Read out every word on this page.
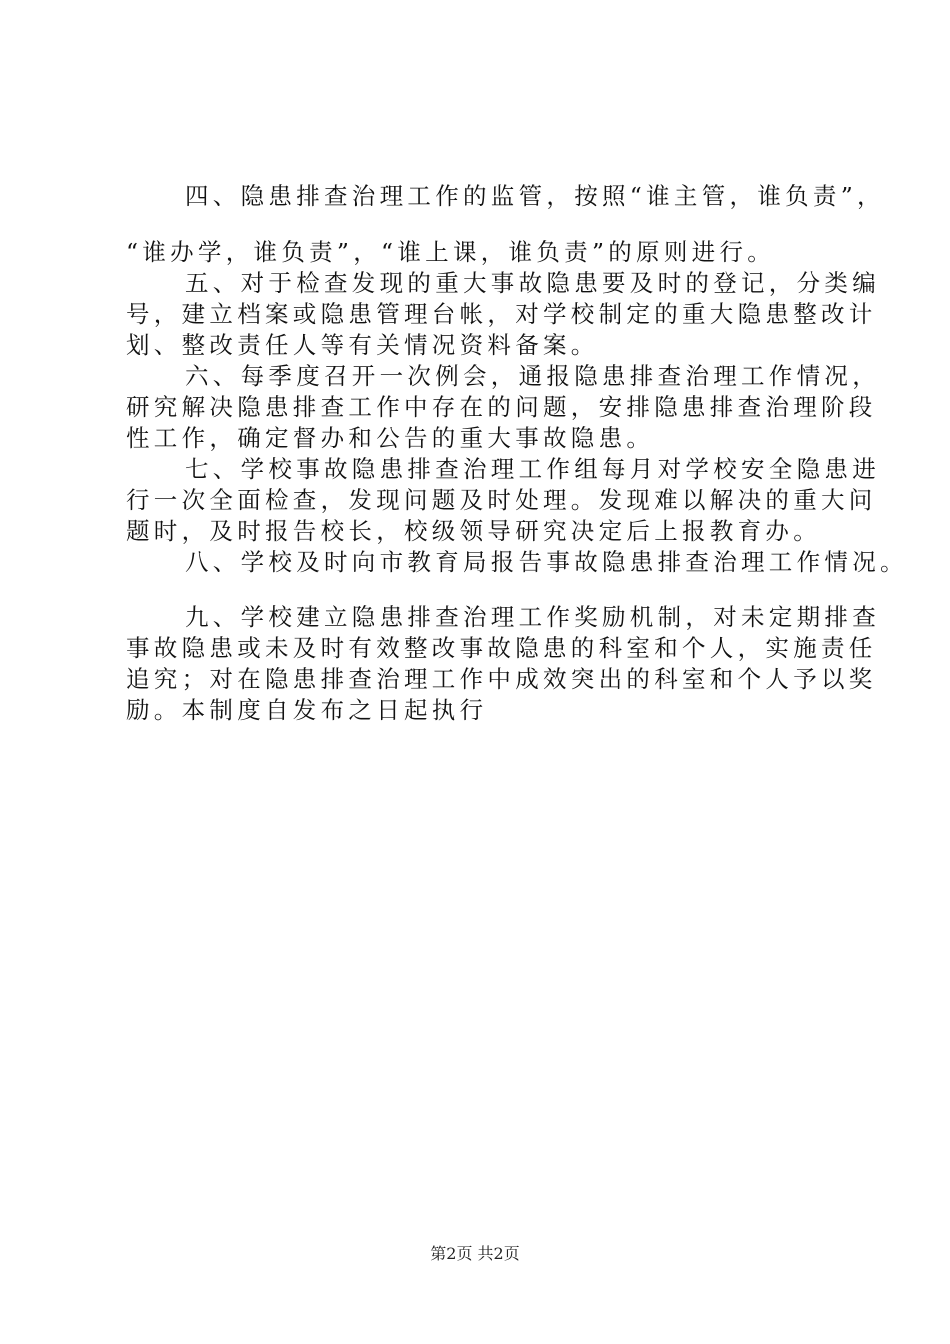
四、隐患排查治理工作的监管，按照“谁主管，谁负责”，
“谁办学，谁负责”，“谁上课，谁负责”的原则进行。
五、对于检查发现的重大事故隐患要及时的登记，分类编
号，建立档案或隐患管理台帐，对学校制定的重大隐患整改计
划、整改责任人等有关情况资料备案。
六、每季度召开一次例会，通报隐患排查治理工作情况，
研究解决隐患排查工作中存在的问题，安排隐患排查治理阶段
性工作，确定督办和公告的重大事故隐患。
七、学校事故隐患排查治理工作组每月对学校安全隐患进
行一次全面检查，发现问题及时处理。发现难以解决的重大问
题时，及时报告校长，校级领导研究决定后上报教育办。
八、学校及时向市教育局报告事故隐患排查治理工作情况。
九、学校建立隐患排查治理工作奖励机制，对未定期排查
事故隐患或未及时有效整改事故隐患的科室和个人，实施责任
追究；对在隐患排查治理工作中成效突出的科室和个人予以奖
励。本制度自发布之日起执行
第2页 共2页
